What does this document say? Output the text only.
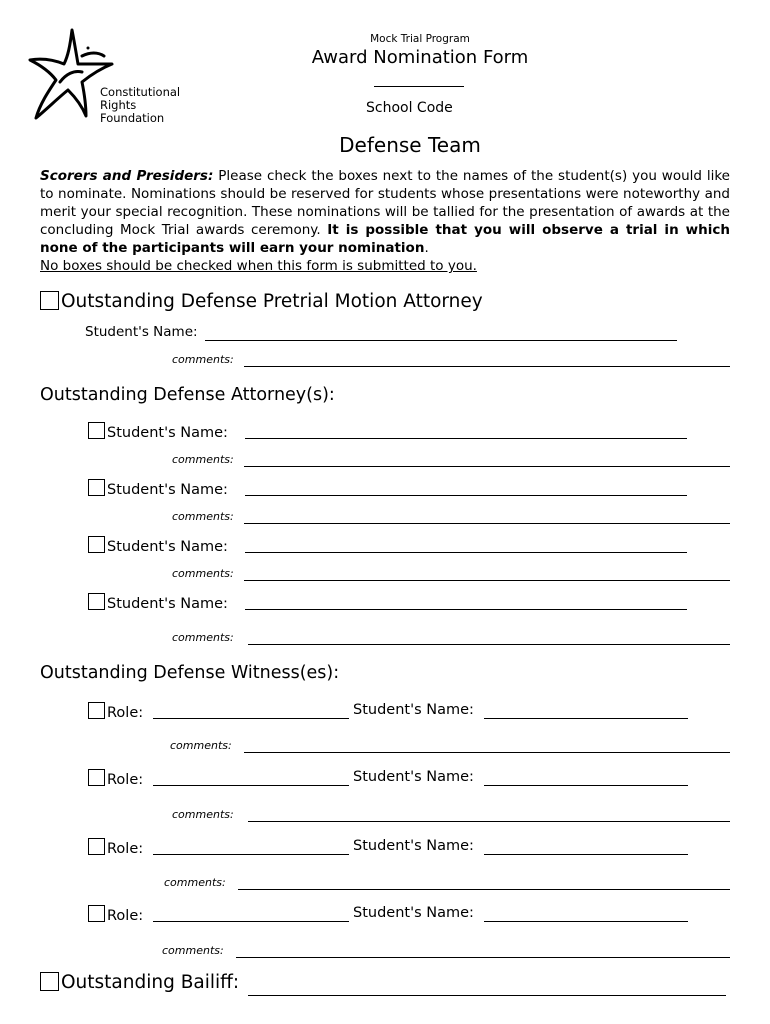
Constitutional
Rights
Foundation
Mock Trial Program
Award Nomination Form
School Code
Defense Team
Scorers and Presiders: Please check the boxes next to the names of the student(s) you would like to nominate. Nominations should be reserved for students whose presentations were noteworthy and merit your special recognition. These nominations will be tallied for the presentation of awards at the concluding Mock Trial awards ceremony. It is possible that you will observe a trial in which none of the participants will earn your nomination.
No boxes should be checked when this form is submitted to you.
Outstanding Defense Pretrial Motion Attorney
Student's Name:
comments:
Outstanding Defense Attorney(s):
Student's Name:
comments:
Student's Name:
comments:
Student's Name:
comments:
Student's Name:
comments:
Outstanding Defense Witness(es):
Role:	Student's Name:
comments:
Role:	Student's Name:
comments:
Role:	Student's Name:
comments:
Role:	Student's Name:
comments:
Outstanding Bailiff:
